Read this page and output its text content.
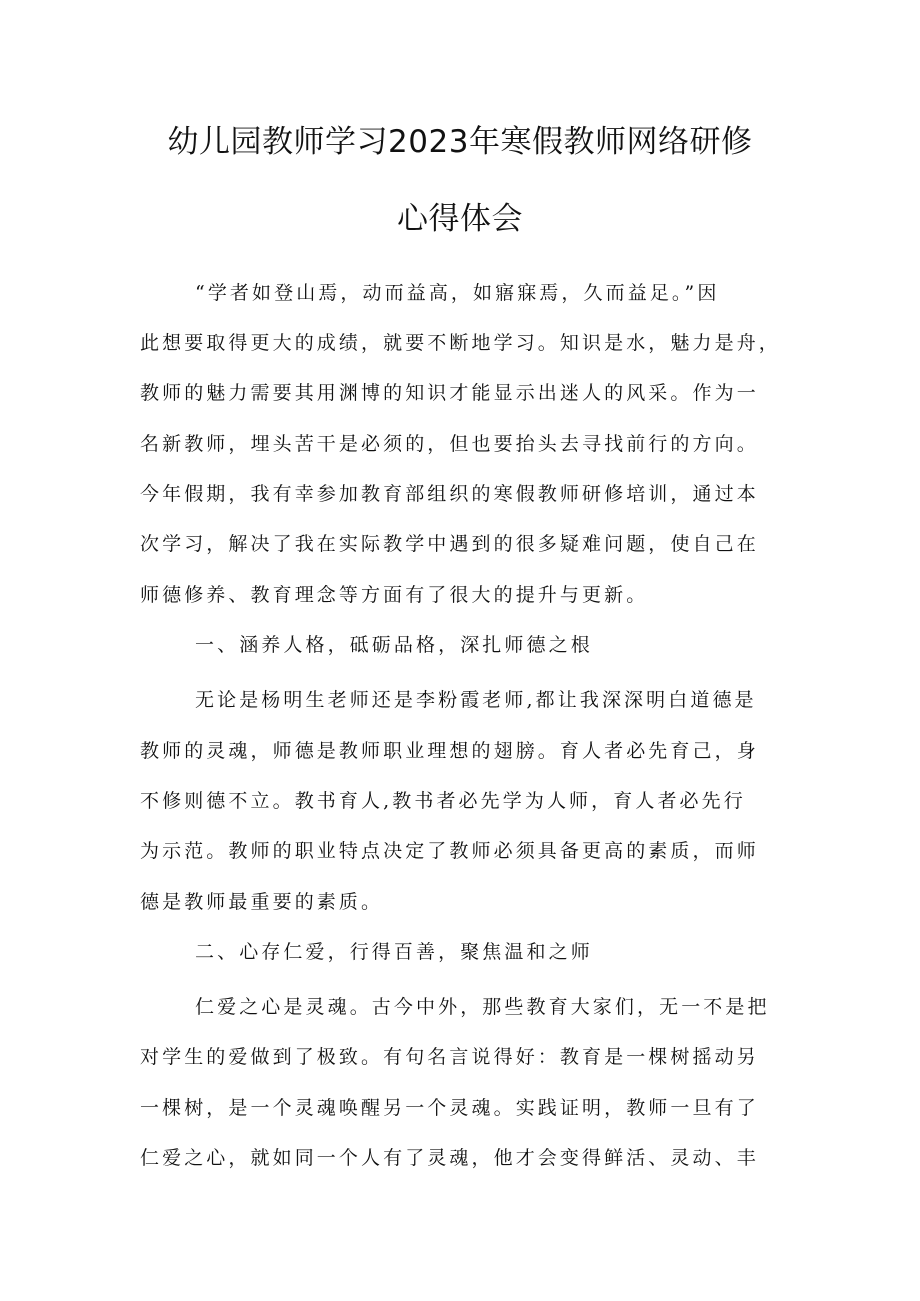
幼儿园教师学习2023年寒假教师网络研修
心得体会
“学者如登山焉，动而益高，如寤寐焉，久而益足。”因
此想要取得更大的成绩，就要不断地学习。知识是水，魅力是舟，
教师的魅力需要其用渊博的知识才能显示出迷人的风采。作为一
名新教师，埋头苦干是必须的，但也要抬头去寻找前行的方向。
今年假期，我有幸参加教育部组织的寒假教师研修培训，通过本
次学习，解决了我在实际教学中遇到的很多疑难问题，使自己在
师德修养、教育理念等方面有了很大的提升与更新。
一、涵养人格，砥砺品格，深扎师德之根
无论是杨明生老师还是李粉霞老师,都让我深深明白道德是
教师的灵魂，师德是教师职业理想的翅膀。育人者必先育己，身
不修则德不立。教书育人,教书者必先学为人师，育人者必先行
为示范。教师的职业特点决定了教师必须具备更高的素质，而师
德是教师最重要的素质。
二、心存仁爱，行得百善，聚焦温和之师
仁爱之心是灵魂。古今中外，那些教育大家们，无一不是把
对学生的爱做到了极致。有句名言说得好：教育是一棵树摇动另
一棵树，是一个灵魂唤醒另一个灵魂。实践证明，教师一旦有了
仁爱之心，就如同一个人有了灵魂，他才会变得鲜活、灵动、丰
